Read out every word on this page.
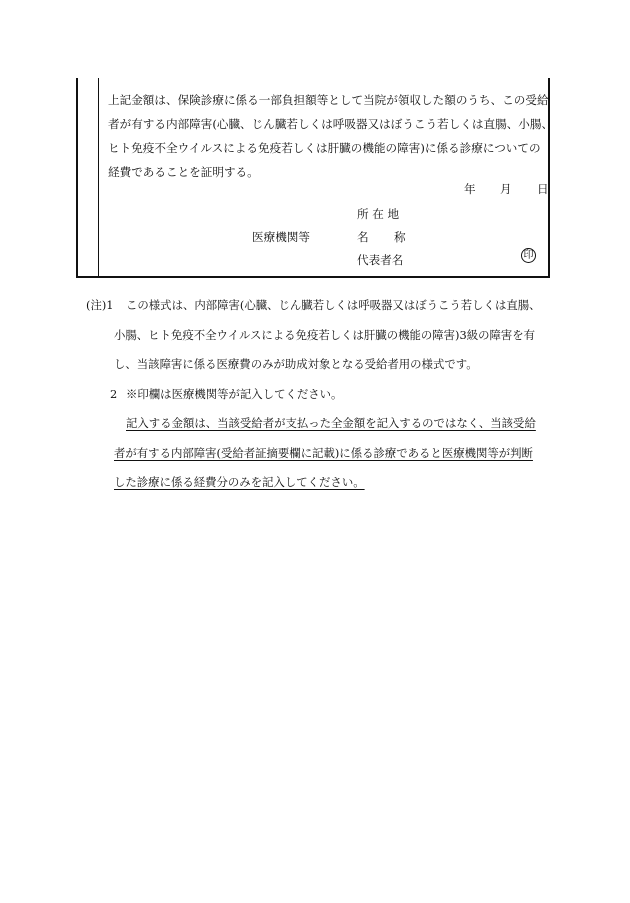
上記金額は、保険診療に係る一部負担額等として当院が領収した額のうち、この受給
者が有する内部障害(心臓、じん臓若しくは呼吸器又はぼうこう若しくは直腸、小腸、
ヒト免疫不全ウイルスによる免疫若しくは肝臓の機能の障害)に係る診療についての
経費であることを証明する。
年 月 日
所 在 地
医療機関等	名 称
代表者名	印
(注)1 この様式は、内部障害(心臓、じん臓若しくは呼吸器又はぼうこう若しくは直腸、
小腸、ヒト免疫不全ウイルスによる免疫若しくは肝臓の機能の障害)3級の障害を有
し、当該障害に係る医療費のみが助成対象となる受給者用の様式です。
2 ※印欄は医療機関等が記入してください。
記入する金額は、当該受給者が支払った全金額を記入するのではなく、当該受給
者が有する内部障害(受給者証摘要欄に記載)に係る診療であると医療機関等が判断
した診療に係る経費分のみを記入してください。
